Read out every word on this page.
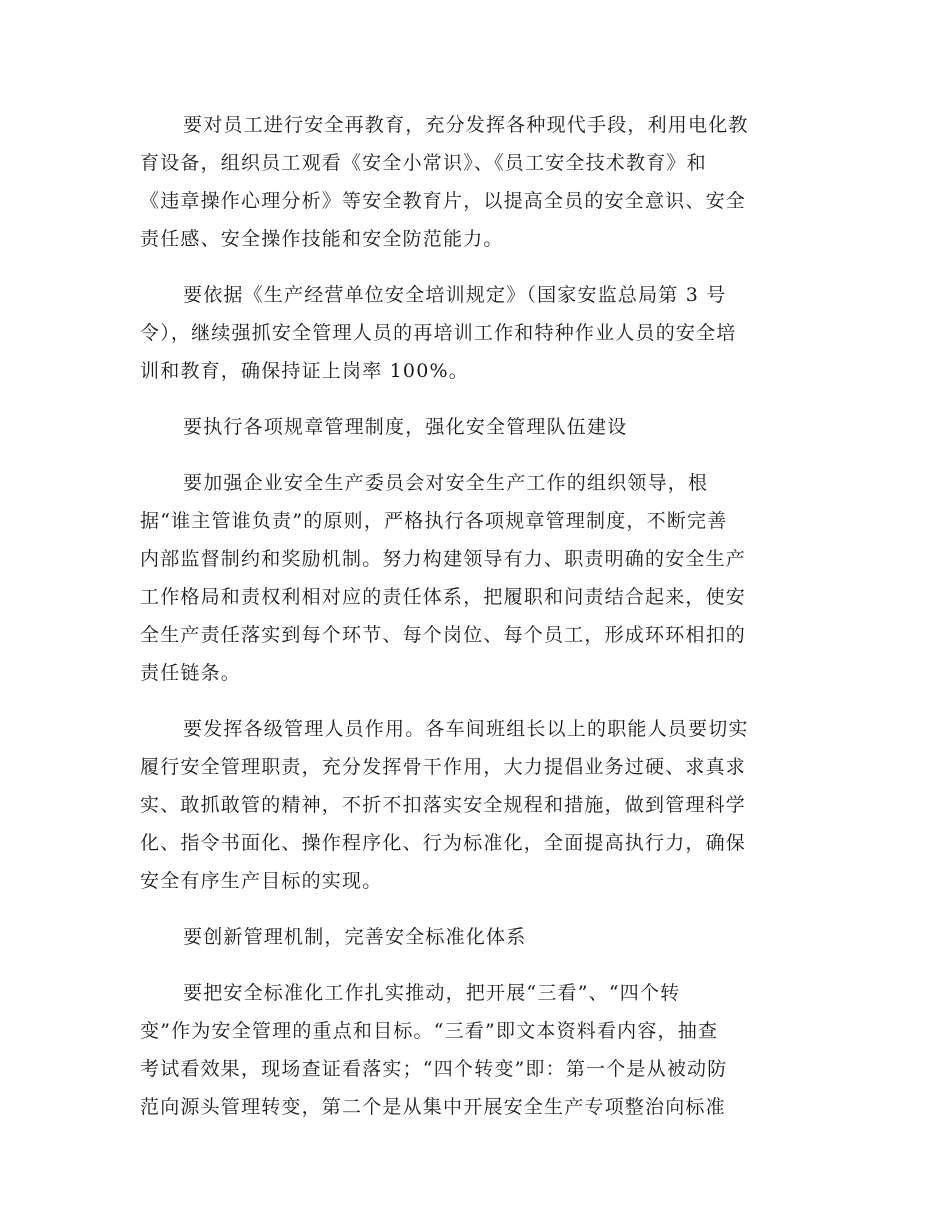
要对员工进行安全再教育，充分发挥各种现代手段，利用电化教
育设备，组织员工观看《安全小常识》、《员工安全技术教育》和
《违章操作心理分析》等安全教育片，以提高全员的安全意识、安全
责任感、安全操作技能和安全防范能力。

要依据《生产经营单位安全培训规定》（国家安监总局第 3 号
令），继续强抓安全管理人员的再培训工作和特种作业人员的安全培
训和教育，确保持证上岗率 100%。

要执行各项规章管理制度，强化安全管理队伍建设

要加强企业安全生产委员会对安全生产工作的组织领导，根
据“谁主管谁负责”的原则，严格执行各项规章管理制度，不断完善
内部监督制约和奖励机制。努力构建领导有力、职责明确的安全生产
工作格局和责权利相对应的责任体系，把履职和问责结合起来，使安
全生产责任落实到每个环节、每个岗位、每个员工，形成环环相扣的
责任链条。

要发挥各级管理人员作用。各车间班组长以上的职能人员要切实
履行安全管理职责，充分发挥骨干作用，大力提倡业务过硬、求真求
实、敢抓敢管的精神，不折不扣落实安全规程和措施，做到管理科学
化、指令书面化、操作程序化、行为标准化，全面提高执行力，确保
安全有序生产目标的实现。

要创新管理机制，完善安全标准化体系

要把安全标准化工作扎实推动，把开展“三看”、“四个转
变”作为安全管理的重点和目标。“三看”即文本资料看内容，抽查
考试看效果，现场查证看落实；“四个转变”即：第一个是从被动防
范向源头管理转变，第二个是从集中开展安全生产专项整治向标准
